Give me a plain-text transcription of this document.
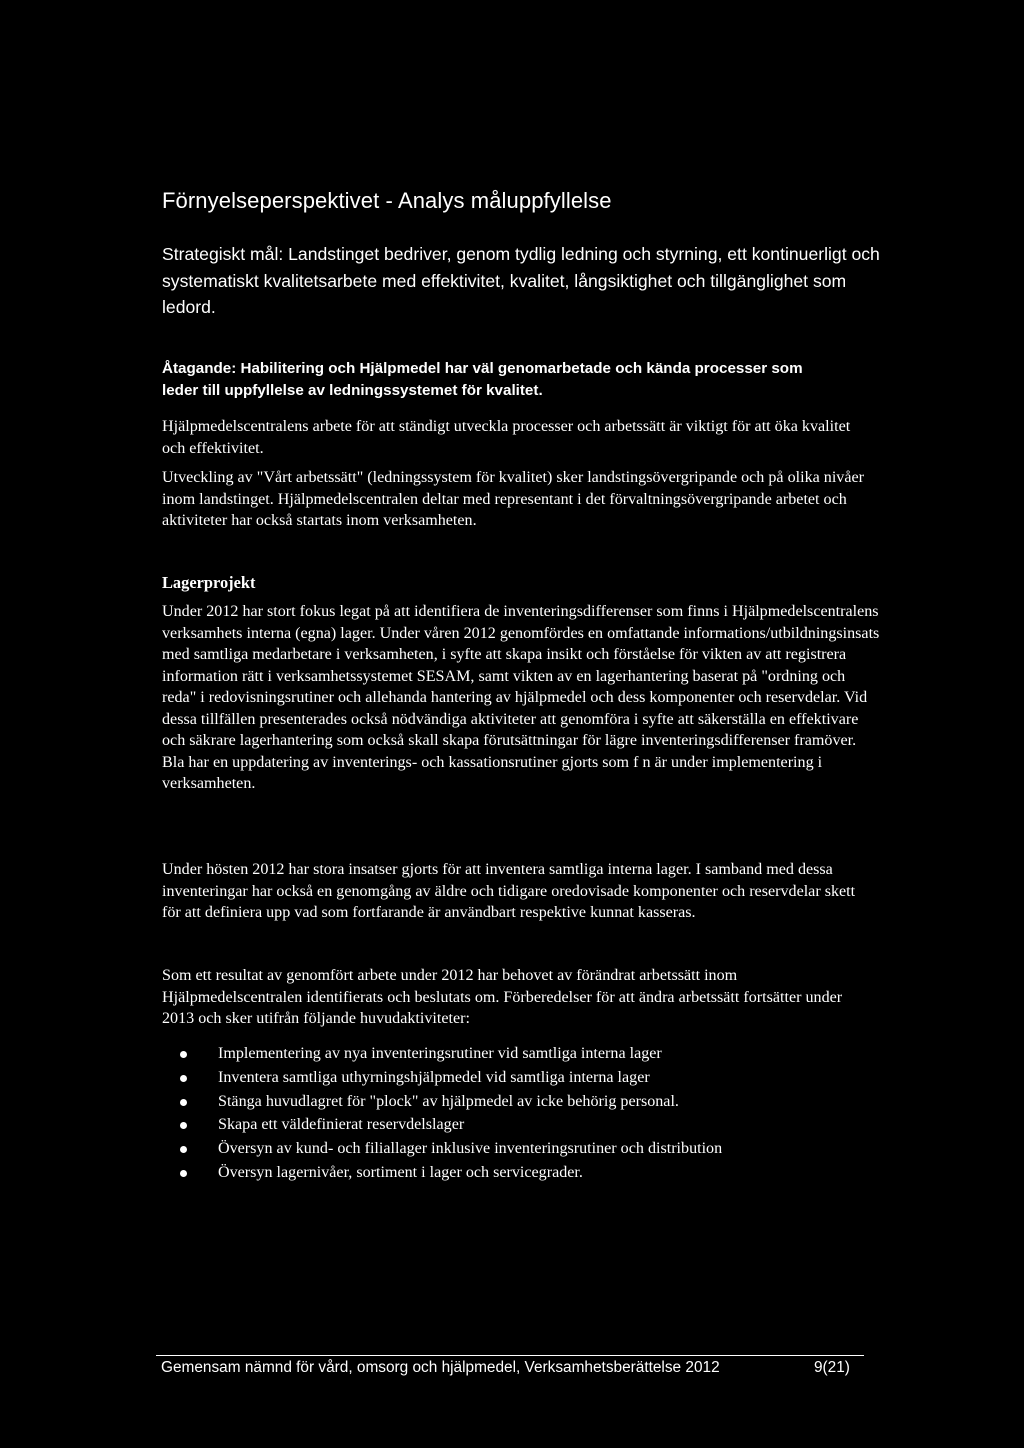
Förnyelseperspektivet - Analys måluppfyllelse

Strategiskt mål: Landstinget bedriver, genom tydlig ledning och styrning, ett kontinuerligt och systematiskt kvalitetsarbete med effektivitet, kvalitet, långsiktighet och tillgänglighet som ledord.

Åtagande: Habilitering och Hjälpmedel har väl genomarbetade och kända processer som leder till uppfyllelse av ledningssystemet för kvalitet.

Hjälpmedelscentralens arbete för att ständigt utveckla processer och arbetssätt är viktigt för att öka kvalitet och effektivitet.

Utveckling av "Vårt arbetssätt" (ledningssystem för kvalitet) sker landstingsövergripande och på olika nivåer inom landstinget. Hjälpmedelscentralen deltar med representant i det förvaltningsövergripande arbetet och aktiviteter har också startats inom verksamheten.

Lagerprojekt

Under 2012 har stort fokus legat på att identifiera de inventeringsdifferenser som finns i Hjälpmedelscentralens verksamhets interna (egna) lager. Under våren 2012 genomfördes en omfattande informations/utbildningsinsats med samtliga medarbetare i verksamheten, i syfte att skapa insikt och förståelse för vikten av att registrera information rätt i verksamhetssystemet SESAM, samt vikten av en lagerhantering baserat på "ordning och reda" i redovisningsrutiner och allehanda hantering av hjälpmedel och dess komponenter och reservdelar. Vid dessa tillfällen presenterades också nödvändiga aktiviteter att genomföra i syfte att säkerställa en effektivare och säkrare lagerhantering som också skall skapa förutsättningar för lägre inventeringsdifferenser framöver. Bla har en uppdatering av inventerings- och kassationsrutiner gjorts som f n är under implementering i verksamheten.

Under hösten 2012 har stora insatser gjorts för att inventera samtliga interna lager. I samband med dessa inventeringar har också en genomgång av äldre och tidigare oredovisade komponenter och reservdelar skett för att definiera upp vad som fortfarande är användbart respektive kunnat kasseras.

Som ett resultat av genomfört arbete under 2012 har behovet av förändrat arbetssätt inom Hjälpmedelscentralen identifierats och beslutats om. Förberedelser för att ändra arbetssätt fortsätter under 2013 och sker utifrån följande huvudaktiviteter:

Implementering av nya inventeringsrutiner vid samtliga interna lager
Inventera samtliga uthyrningshjälpmedel vid samtliga interna lager
Stänga huvudlagret för "plock" av hjälpmedel av icke behörig personal.
Skapa ett väldefinierat reservdelslager
Översyn av kund- och filiallager inklusive inventeringsrutiner och distribution
Översyn lagernivåer, sortiment i lager och servicegrader.

Gemensam nämnd för vård, omsorg och hjälpmedel, Verksamhetsberättelse 2012	9(21)
